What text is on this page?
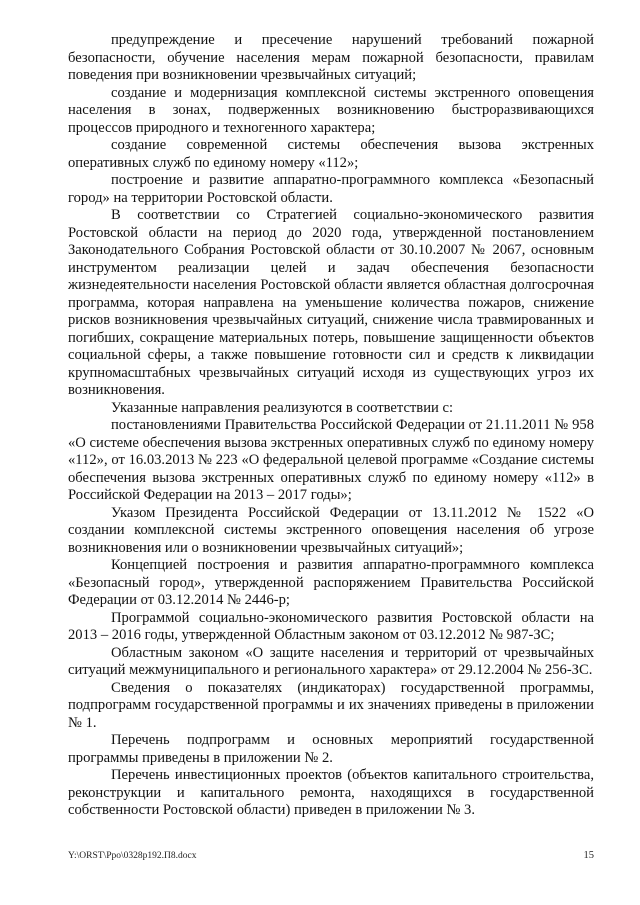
предупреждение и пресечение нарушений требований пожарной безопасности, обучение населения мерам пожарной безопасности, правилам поведения при возникновении чрезвычайных ситуаций;

создание и модернизация комплексной системы экстренного оповещения населения в зонах, подверженных возникновению быстроразвивающихся процессов природного и техногенного характера;

создание современной системы обеспечения вызова экстренных оперативных служб по единому номеру «112»;

построение и развитие аппаратно-программного комплекса «Безопасный город» на территории Ростовской области.

В соответствии со Стратегией социально-экономического развития Ростовской области на период до 2020 года, утвержденной постановлением Законодательного Собрания Ростовской области от 30.10.2007 № 2067, основным инструментом реализации целей и задач обеспечения безопасности жизнедеятельности населения Ростовской области является областная долгосрочная программа, которая направлена на уменьшение количества пожаров, снижение рисков возникновения чрезвычайных ситуаций, снижение числа травмированных и погибших, сокращение материальных потерь, повышение защищенности объектов социальной сферы, а также повышение готовности сил и средств к ликвидации крупномасштабных чрезвычайных ситуаций исходя из существующих угроз их возникновения.

Указанные направления реализуются в соответствии с:

постановлениями Правительства Российской Федерации от 21.11.2011 № 958 «О системе обеспечения вызова экстренных оперативных служб по единому номеру «112», от 16.03.2013 № 223 «О федеральной целевой программе «Создание системы обеспечения вызова экстренных оперативных служб по единому номеру «112» в Российской Федерации на 2013 – 2017 годы»;

Указом Президента Российской Федерации от 13.11.2012 № 1522 «О создании комплексной системы экстренного оповещения населения об угрозе возникновения или о возникновении чрезвычайных ситуаций»;

Концепцией построения и развития аппаратно-программного комплекса «Безопасный город», утвержденной распоряжением Правительства Российской Федерации от 03.12.2014 № 2446-р;

Программой социально-экономического развития Ростовской области на 2013 – 2016 годы, утвержденной Областным законом от 03.12.2012 № 987-ЗС;

Областным законом «О защите населения и территорий от чрезвычайных ситуаций межмуниципального и регионального характера» от 29.12.2004 № 256-ЗС.

Сведения о показателях (индикаторах) государственной программы, подпрограмм государственной программы и их значениях приведены в приложении № 1.

Перечень подпрограмм и основных мероприятий государственной программы приведены в приложении № 2.

Перечень инвестиционных проектов (объектов капитального строительства, реконструкции и капитального ремонта, находящихся в государственной собственности Ростовской области) приведен в приложении № 3.

Y:\ORST\Ppo\0328p192.П8.docx	15
